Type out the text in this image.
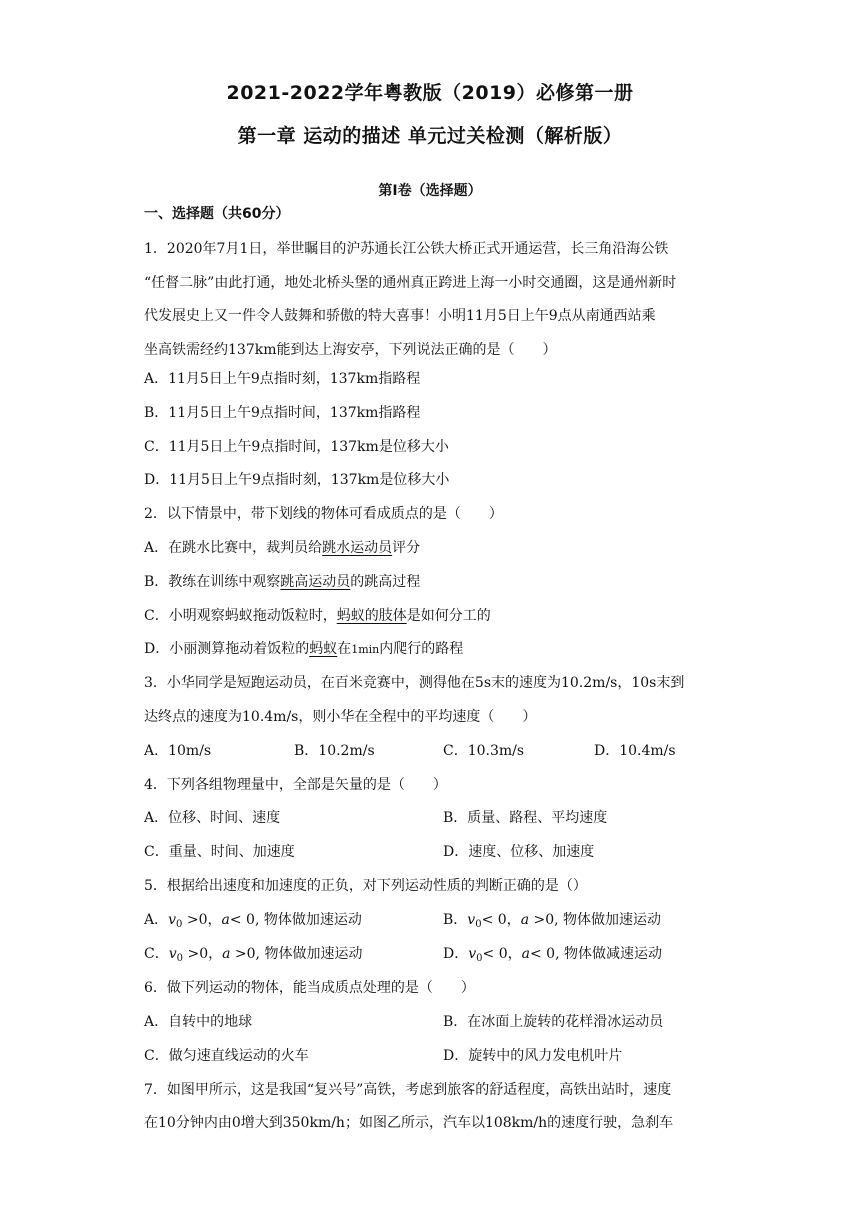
2021-2022学年粤教版（2019）必修第一册
第一章 运动的描述 单元过关检测（解析版）
第Ⅰ卷（选择题）
一、选择题（共60分）
1．2020年7月1日，举世瞩目的沪苏通长江公铁大桥正式开通运营，长三角沿海公铁
“任督二脉”由此打通，地处北桥头堡的通州真正跨进上海一小时交通圈，这是通州新时
代发展史上又一件令人鼓舞和骄傲的特大喜事！小明11月5日上午9点从南通西站乘
坐高铁需经约137km能到达上海安亭，下列说法正确的是（　　）
A．11月5日上午9点指时刻，137km指路程
B．11月5日上午9点指时间，137km指路程
C．11月5日上午9点指时间，137km是位移大小
D．11月5日上午9点指时刻，137km是位移大小
2．以下情景中，带下划线的物体可看成质点的是（　　）
A．在跳水比赛中，裁判员给跳水运动员评分
B．教练在训练中观察跳高运动员的跳高过程
C．小明观察蚂蚁拖动饭粒时，蚂蚁的肢体是如何分工的
D．小丽测算拖动着饭粒的蚂蚁在1min内爬行的路程
3．小华同学是短跑运动员，在百米竞赛中，测得他在5s末的速度为10.2m/s，10s末到
达终点的速度为10.4m/s，则小华在全程中的平均速度（　　）
A．10m/s	B．10.2m/s	C．10.3m/s	D．10.4m/s
4．下列各组物理量中，全部是矢量的是（　　）
A．位移、时间、速度	B．质量、路程、平均速度
C．重量、时间、加速度	D．速度、位移、加速度
5．根据给出速度和加速度的正负，对下列运动性质的判断正确的是（）
A．$v_0 >0$，a< 0, 物体做加速运动	B．$v_0< 0$，a >0, 物体做加速运动
C．$v_0 >0$，a >0, 物体做加速运动	D．$v_0< 0$，a< 0, 物体做减速运动
6．做下列运动的物体，能当成质点处理的是（　　）
A．自转中的地球	B．在冰面上旋转的花样滑冰运动员
C．做匀速直线运动的火车	D．旋转中的风力发电机叶片
7．如图甲所示，这是我国“复兴号”高铁，考虑到旅客的舒适程度，高铁出站时，速度
在10分钟内由0增大到350km/h；如图乙所示，汽车以108km/h的速度行驶，急刹车
